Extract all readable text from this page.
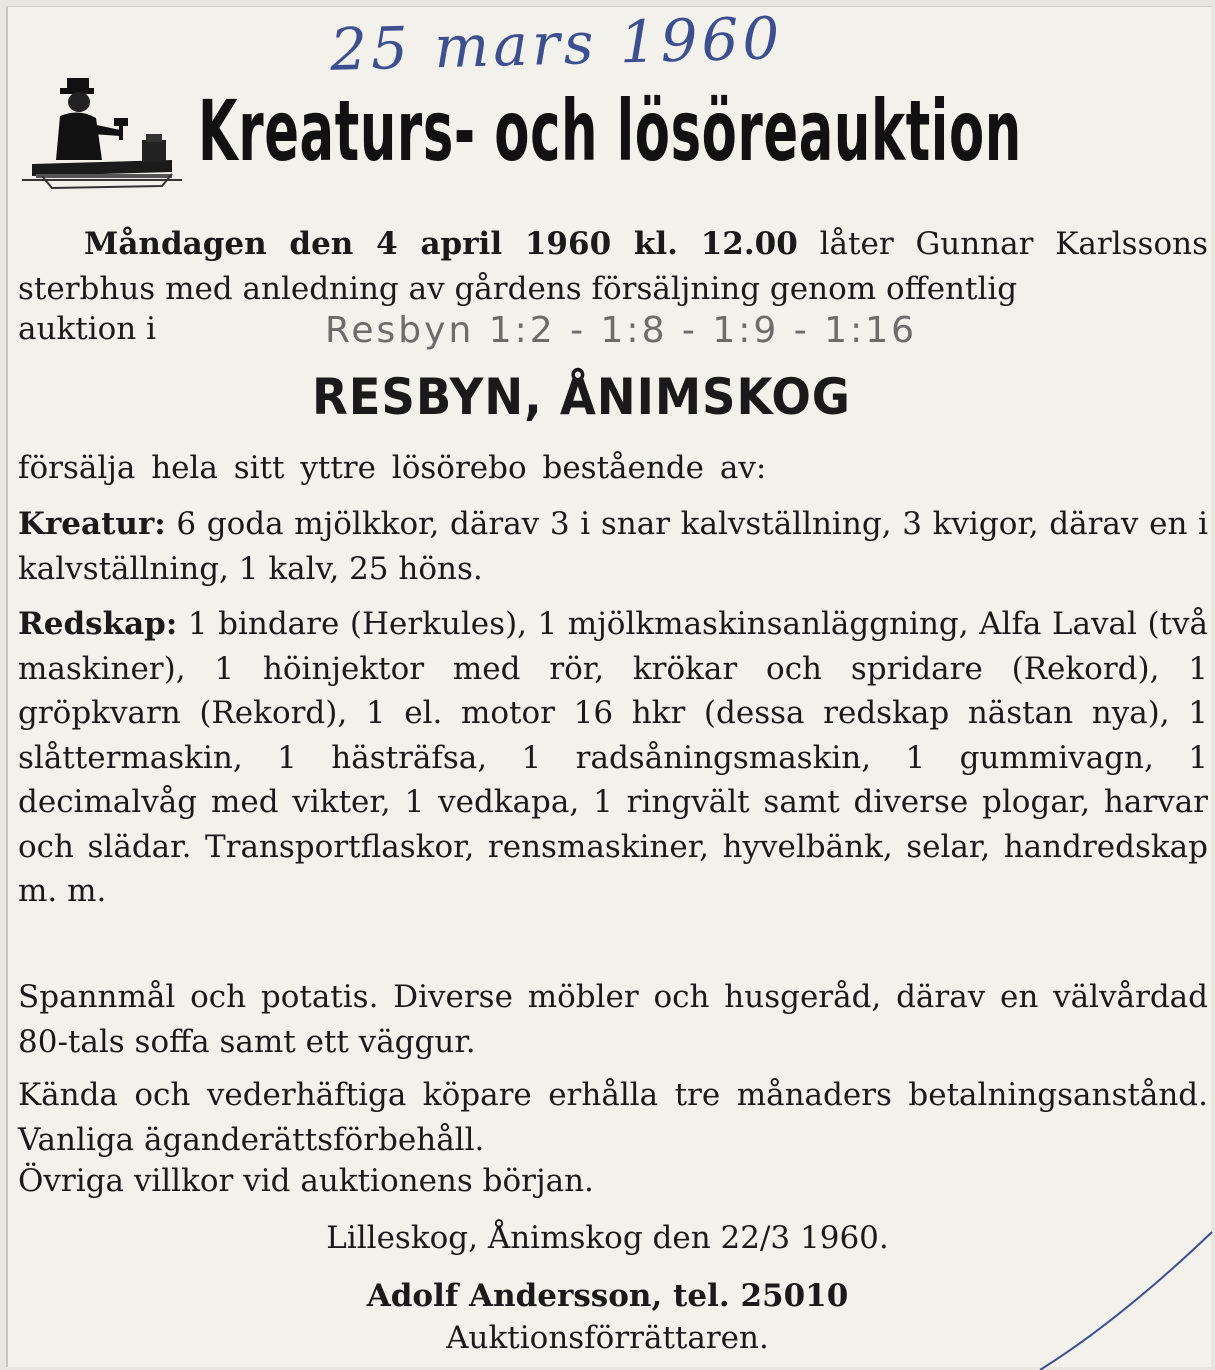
25 mars 1960
Kreaturs- och lösöreauktion
Måndagen den 4 april 1960 kl. 12.00 låter Gunnar Karlssons sterbhus med anledning av gårdens försäljning genom offentlig
auktion i	Resbyn 1:2 - 1:8 - 1:9 - 1:16
RESBYN, ÅNIMSKOG
försälja hela sitt yttre lösörebo bestående av:
Kreatur: 6 goda mjölkkor, därav 3 i snar kalvställning, 3 kvigor, därav en i kalvställning, 1 kalv, 25 höns.
Redskap: 1 bindare (Herkules), 1 mjölkmaskinsanläggning, Alfa Laval (två maskiner), 1 höinjektor med rör, krökar och spridare (Rekord), 1 gröpkvarn (Rekord), 1 el. motor 16 hkr (dessa redskap nästan nya), 1 slåttermaskin, 1 hästräfsa, 1 radsåningsmaskin, 1 gummivagn, 1 decimalvåg med vikter, 1 vedkapa, 1 ringvält samt diverse plogar, harvar och slädar. Transportflaskor, rensmaskiner, hyvelbänk, selar, handredskap m. m.
Spannmål och potatis. Diverse möbler och husgeråd, därav en välvårdad 80-tals soffa samt ett väggur.
Kända och vederhäftiga köpare erhålla tre månaders betalningsanstånd. Vanliga äganderättsförbehåll.
Övriga villkor vid auktionens början.
Lilleskog, Ånimskog den 22/3 1960.
Adolf Andersson, tel. 25010
Auktionsförrättaren.
